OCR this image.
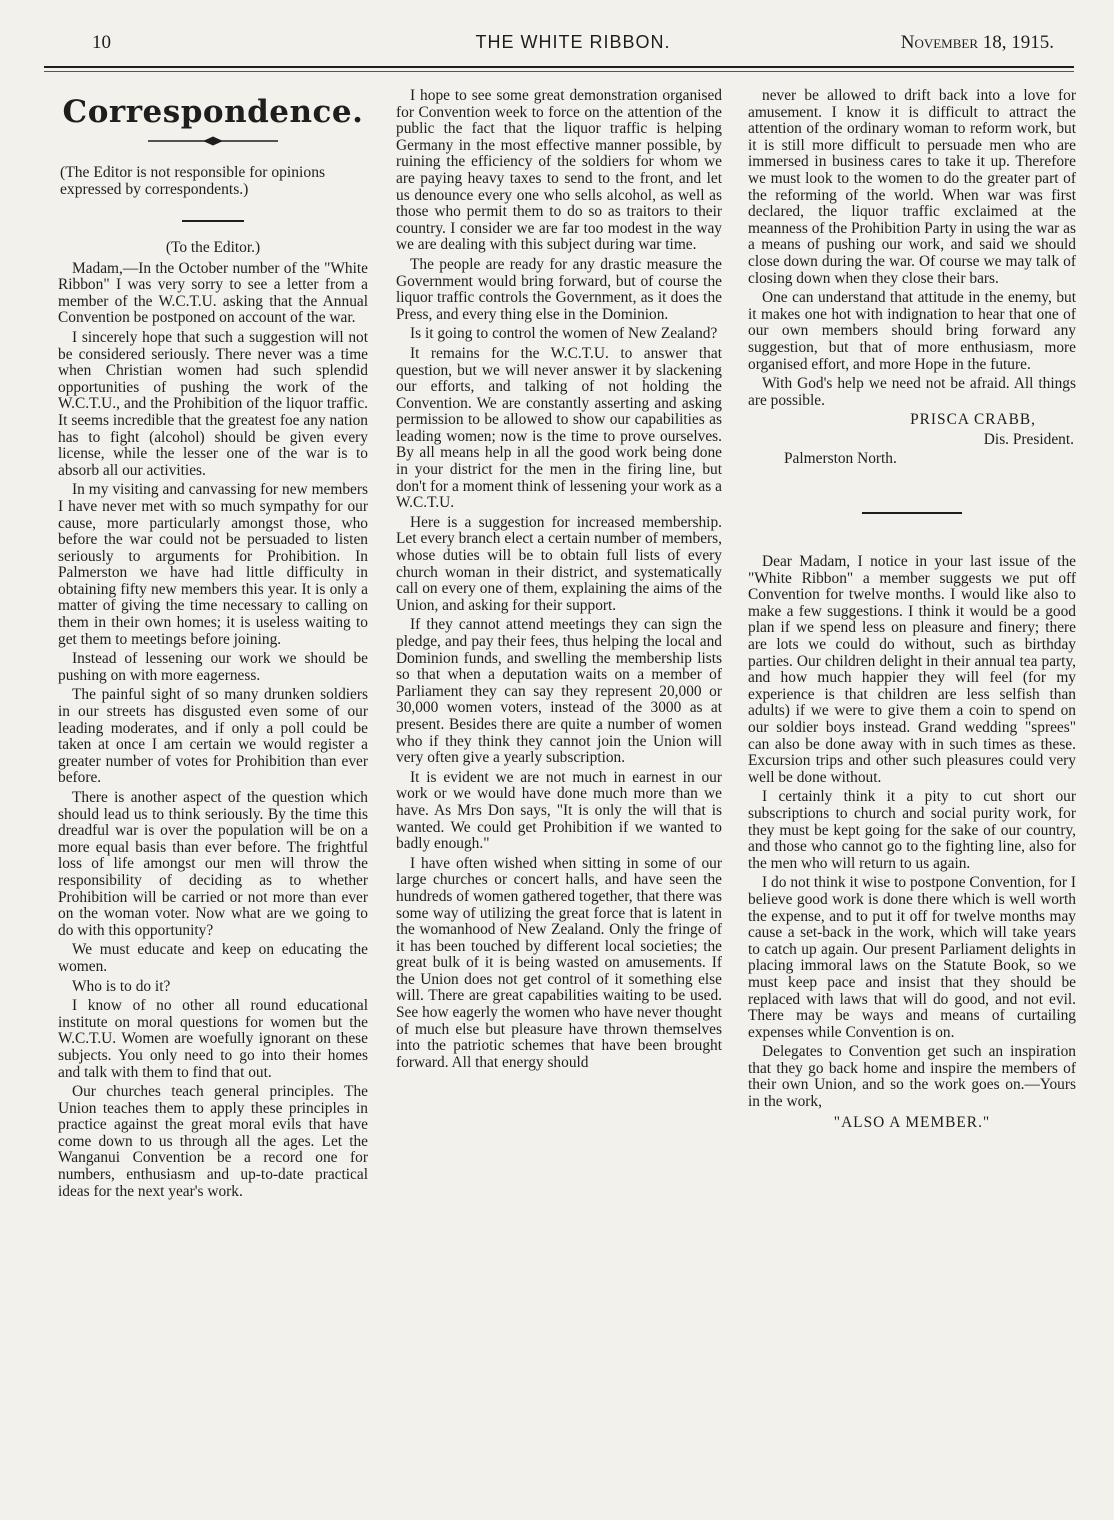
10	THE WHITE RIBBON.	November 18, 1915.
Correspondence.

(The Editor is not responsible for opinions expressed by correspondents.)

(To the Editor.)

Madam,—In the October number of the "White Ribbon" I was very sorry to see a letter from a member of the W.C.T.U. asking that the Annual Convention be postponed on account of the war.

I sincerely hope that such a suggestion will not be considered seriously. There never was a time when Christian women had such splendid opportunities of pushing the work of the W.C.T.U., and the Prohibition of the liquor traffic. It seems incredible that the greatest foe any nation has to fight (alcohol) should be given every license, while the lesser one of the war is to absorb all our activities.

In my visiting and canvassing for new members I have never met with so much sympathy for our cause, more particularly amongst those, who before the war could not be persuaded to listen seriously to arguments for Prohibition. In Palmerston we have had little difficulty in obtaining fifty new members this year. It is only a matter of giving the time necessary to calling on them in their own homes; it is useless waiting to get them to meetings before joining.

Instead of lessening our work we should be pushing on with more eagerness.

The painful sight of so many drunken soldiers in our streets has disgusted even some of our leading moderates, and if only a poll could be taken at once I am certain we would register a greater number of votes for Prohibition than ever before.

There is another aspect of the question which should lead us to think seriously. By the time this dreadful war is over the population will be on a more equal basis than ever before. The frightful loss of life amongst our men will throw the responsibility of deciding as to whether Prohibition will be carried or not more than ever on the woman voter. Now what are we going to do with this opportunity?

We must educate and keep on educating the women.

Who is to do it?

I know of no other all round educational institute on moral questions for women but the W.C.T.U. Women are woefully ignorant on these subjects. You only need to go into their homes and talk with them to find that out.

Our churches teach general principles. The Union teaches them to apply these principles in practice against the great moral evils that have come down to us through all the ages. Let the Wanganui Convention be a record one for numbers, enthusiasm and up-to-date practical ideas for the next year's work.

I hope to see some great demonstration organised for Convention week to force on the attention of the public the fact that the liquor traffic is helping Germany in the most effective manner possible, by ruining the efficiency of the soldiers for whom we are paying heavy taxes to send to the front, and let us denounce every one who sells alcohol, as well as those who permit them to do so as traitors to their country. I consider we are far too modest in the way we are dealing with this subject during war time.

The people are ready for any drastic measure the Government would bring forward, but of course the liquor traffic controls the Government, as it does the Press, and every thing else in the Dominion.

Is it going to control the women of New Zealand?

It remains for the W.C.T.U. to answer that question, but we will never answer it by slackening our efforts, and talking of not holding the Convention. We are constantly asserting and asking permission to be allowed to show our capabilities as leading women; now is the time to prove ourselves. By all means help in all the good work being done in your district for the men in the firing line, but don't for a moment think of lessening your work as a W.C.T.U.

Here is a suggestion for increased membership. Let every branch elect a certain number of members, whose duties will be to obtain full lists of every church woman in their district, and systematically call on every one of them, explaining the aims of the Union, and asking for their support.

If they cannot attend meetings they can sign the pledge, and pay their fees, thus helping the local and Dominion funds, and swelling the membership lists so that when a deputation waits on a member of Parliament they can say they represent 20,000 or 30,000 women voters, instead of the 3000 as at present. Besides there are quite a number of women who if they think they cannot join the Union will very often give a yearly subscription.

It is evident we are not much in earnest in our work or we would have done much more than we have. As Mrs Don says, "It is only the will that is wanted. We could get Prohibition if we wanted to badly enough."

I have often wished when sitting in some of our large churches or concert halls, and have seen the hundreds of women gathered together, that there was some way of utilizing the great force that is latent in the womanhood of New Zealand. Only the fringe of it has been touched by different local societies; the great bulk of it is being wasted on amusements. If the Union does not get control of it something else will. There are great capabilities waiting to be used. See how eagerly the women who have never thought of much else but pleasure have thrown themselves into the patriotic schemes that have been brought forward. All that energy should

never be allowed to drift back into a love for amusement. I know it is difficult to attract the attention of the ordinary woman to reform work, but it is still more difficult to persuade men who are immersed in business cares to take it up. Therefore we must look to the women to do the greater part of the reforming of the world. When war was first declared, the liquor traffic exclaimed at the meanness of the Prohibition Party in using the war as a means of pushing our work, and said we should close down during the war. Of course we may talk of closing down when they close their bars.

One can understand that attitude in the enemy, but it makes one hot with indignation to hear that one of our own members should bring forward any suggestion, but that of more enthusiasm, more organised effort, and more Hope in the future.

With God's help we need not be afraid. All things are possible.

PRISCA CRABB,

Dis. President.

Palmerston North.

Dear Madam, I notice in your last issue of the "White Ribbon" a member suggests we put off Convention for twelve months. I would like also to make a few suggestions. I think it would be a good plan if we spend less on pleasure and finery; there are lots we could do without, such as birthday parties. Our children delight in their annual tea party, and how much happier they will feel (for my experience is that children are less selfish than adults) if we were to give them a coin to spend on our soldier boys instead. Grand wedding "sprees" can also be done away with in such times as these. Excursion trips and other such pleasures could very well be done without.

I certainly think it a pity to cut short our subscriptions to church and social purity work, for they must be kept going for the sake of our country, and those who cannot go to the fighting line, also for the men who will return to us again.

I do not think it wise to postpone Convention, for I believe good work is done there which is well worth the expense, and to put it off for twelve months may cause a set-back in the work, which will take years to catch up again. Our present Parliament delights in placing immoral laws on the Statute Book, so we must keep pace and insist that they should be replaced with laws that will do good, and not evil. There may be ways and means of curtailing expenses while Convention is on.

Delegates to Convention get such an inspiration that they go back home and inspire the members of their own Union, and so the work goes on.—Yours in the work,

"ALSO A MEMBER."
